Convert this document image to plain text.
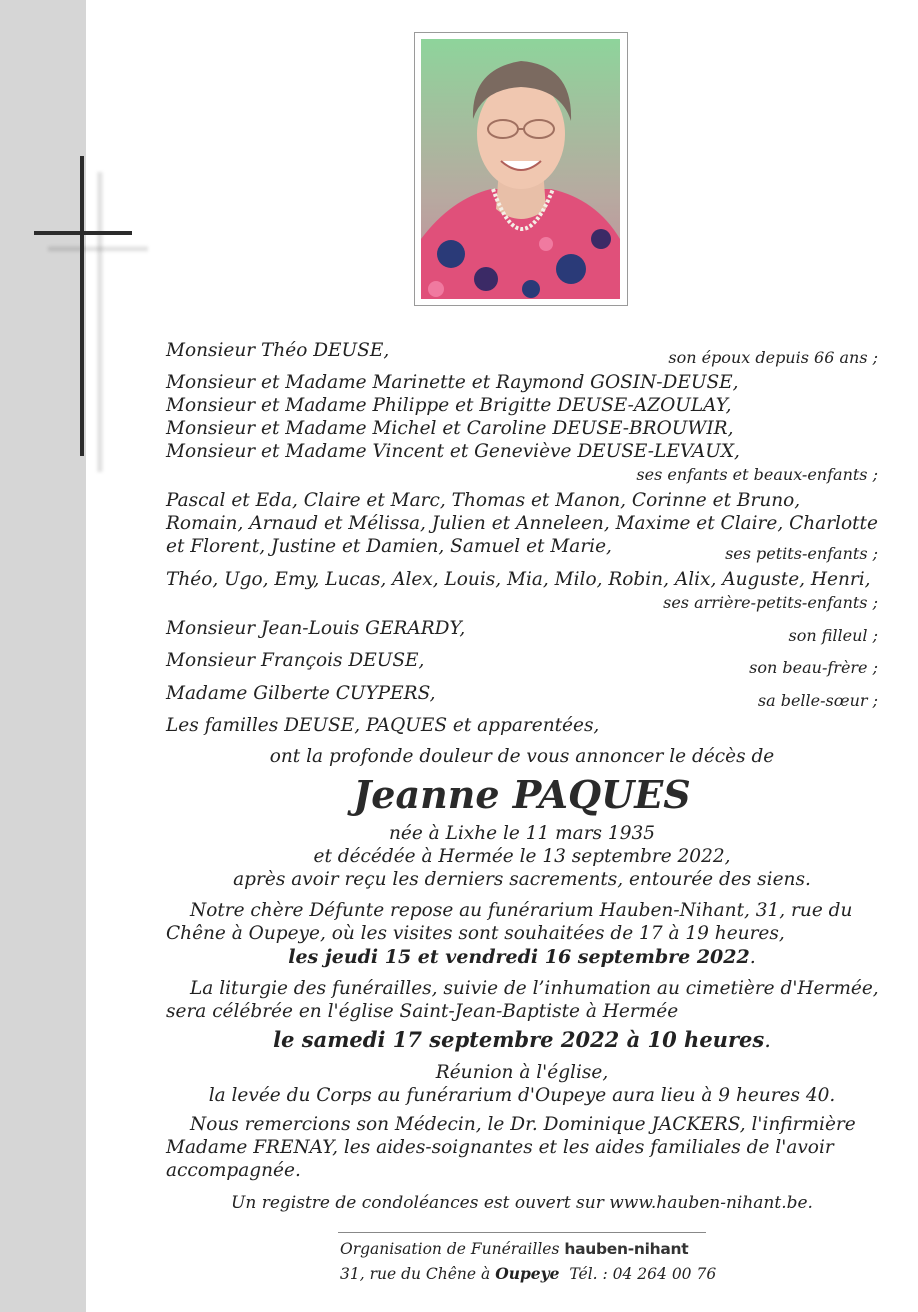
Monsieur Théo DEUSE,	son époux depuis 66 ans ;
Monsieur et Madame Marinette et Raymond GOSIN-DEUSE,
Monsieur et Madame Philippe et Brigitte DEUSE-AZOULAY,
Monsieur et Madame Michel et Caroline DEUSE-BROUWIR,
Monsieur et Madame Vincent et Geneviève DEUSE-LEVAUX,
ses enfants et beaux-enfants ;
Pascal et Eda, Claire et Marc, Thomas et Manon, Corinne et Bruno,
Romain, Arnaud et Mélissa, Julien et Anneleen, Maxime et Claire, Charlotte
et Florent, Justine et Damien, Samuel et Marie,	ses petits-enfants ;
Théo, Ugo, Emy, Lucas, Alex, Louis, Mia, Milo, Robin, Alix, Auguste, Henri,
ses arrière-petits-enfants ;
Monsieur Jean-Louis GERARDY,	son filleul ;
Monsieur François DEUSE,	son beau-frère ;
Madame Gilberte CUYPERS,	sa belle-sœur ;
Les familles DEUSE, PAQUES et apparentées,
ont la profonde douleur de vous annoncer le décès de
Jeanne PAQUES
née à Lixhe le 11 mars 1935
et décédée à Hermée le 13 septembre 2022,
après avoir reçu les derniers sacrements, entourée des siens.
Notre chère Défunte repose au funérarium Hauben-Nihant, 31, rue du
Chêne à Oupeye, où les visites sont souhaitées de 17 à 19 heures,
les jeudi 15 et vendredi 16 septembre 2022.
La liturgie des funérailles, suivie de l’inhumation au cimetière d'Hermée,
sera célébrée en l'église Saint-Jean-Baptiste à Hermée
le samedi 17 septembre 2022 à 10 heures.
Réunion à l'église,
la levée du Corps au funérarium d'Oupeye aura lieu à 9 heures 40.
Nous remercions son Médecin, le Dr. Dominique JACKERS, l'infirmière
Madame FRENAY, les aides-soignantes et les aides familiales de l'avoir
accompagnée.
Un registre de condoléances est ouvert sur www.hauben-nihant.be.
Organisation de Funérailles hauben-nihant
31, rue du Chêne à Oupeye Tél. : 04 264 00 76
